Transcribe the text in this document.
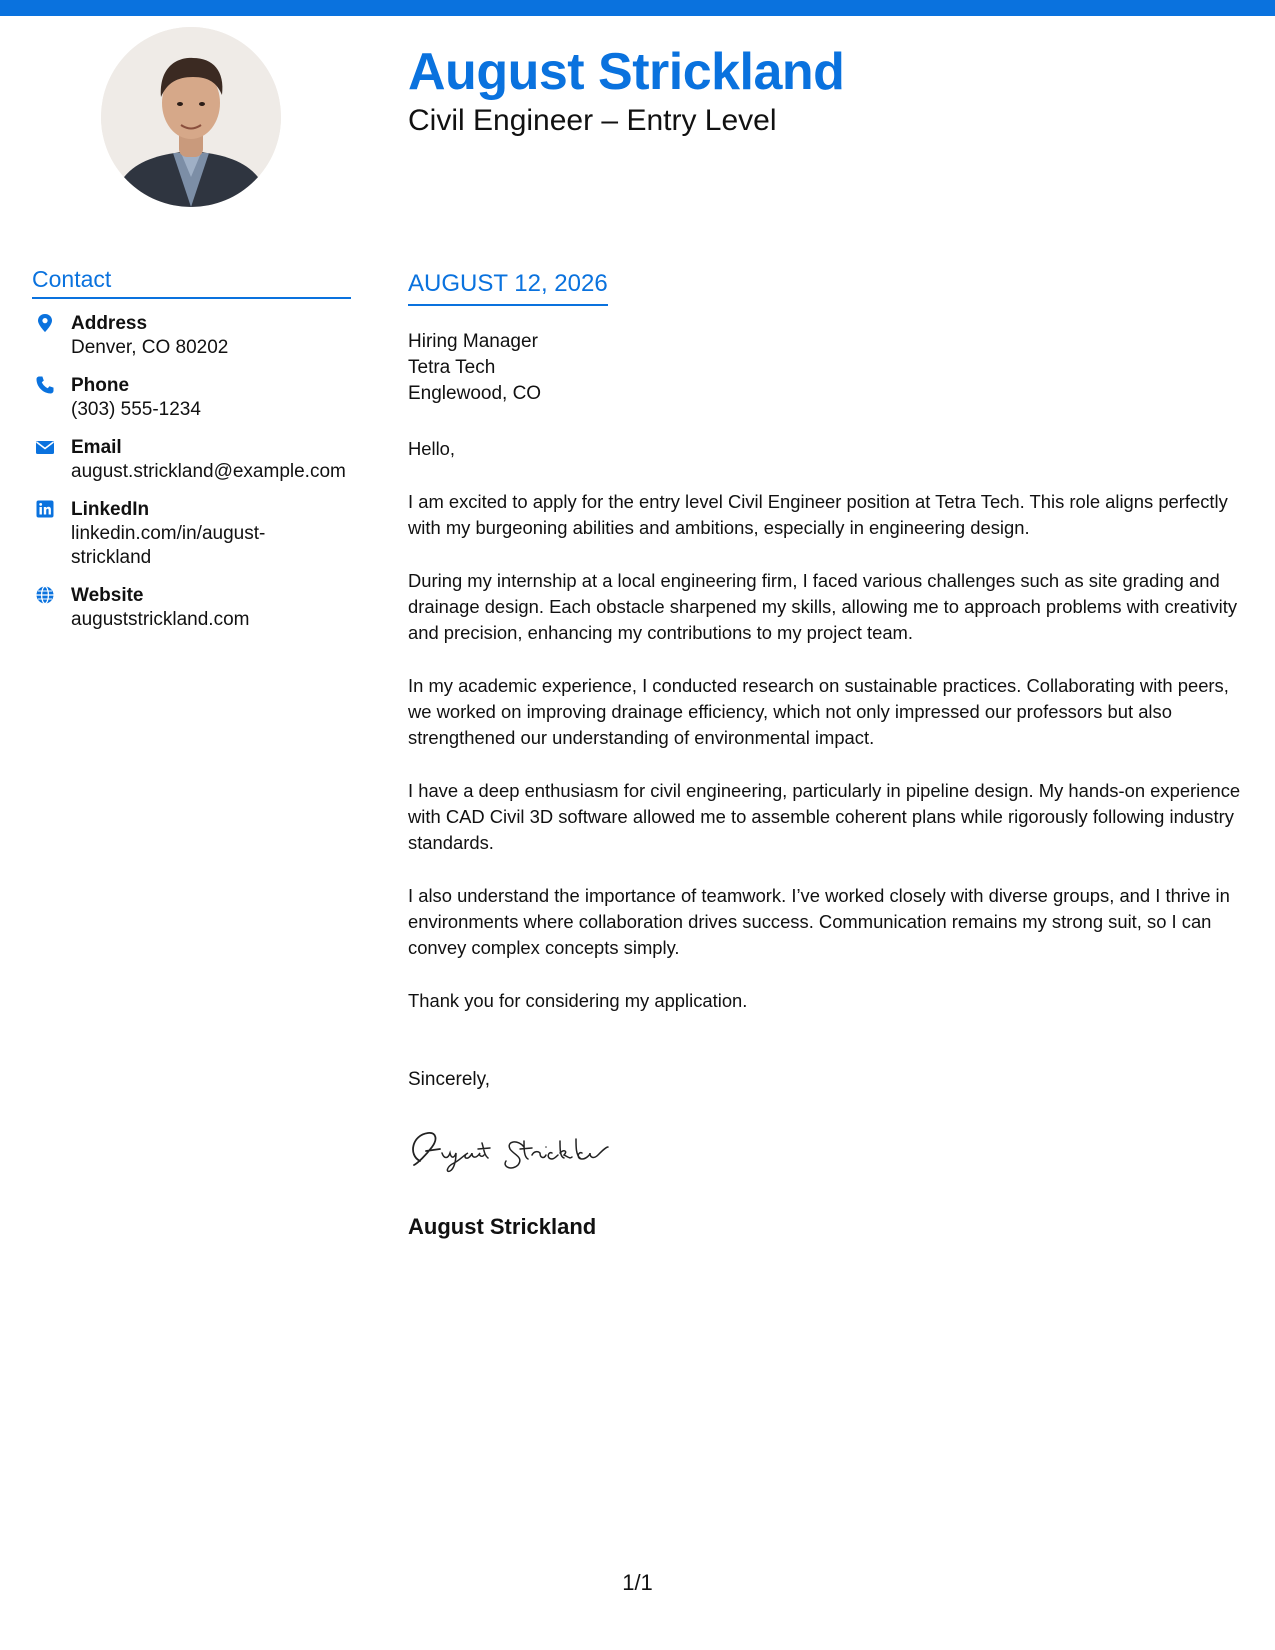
August Strickland
Civil Engineer – Entry Level
Contact
Address
Denver, CO 80202
Phone
(303) 555-1234
Email
august.strickland@example.com
LinkedIn
linkedin.com/in/august-
strickland
Website
auguststrickland.com
AUGUST 12, 2026
Hiring Manager
Tetra Tech
Englewood, CO

Hello,

I am excited to apply for the entry level Civil Engineer position at Tetra Tech. This role aligns perfectly with my burgeoning abilities and ambitions, especially in engineering design.

During my internship at a local engineering firm, I faced various challenges such as site grading and drainage design. Each obstacle sharpened my skills, allowing me to approach problems with creativity and precision, enhancing my contributions to my project team.

In my academic experience, I conducted research on sustainable practices. Collaborating with peers, we worked on improving drainage efficiency, which not only impressed our professors but also strengthened our understanding of environmental impact.

I have a deep enthusiasm for civil engineering, particularly in pipeline design. My hands-on experience with CAD Civil 3D software allowed me to assemble coherent plans while rigorously following industry standards.

I also understand the importance of teamwork. I’ve worked closely with diverse groups, and I thrive in environments where collaboration drives success. Communication remains my strong suit, so I can convey complex concepts simply.

Thank you for considering my application.

Sincerely,
August Strickland
1/1
